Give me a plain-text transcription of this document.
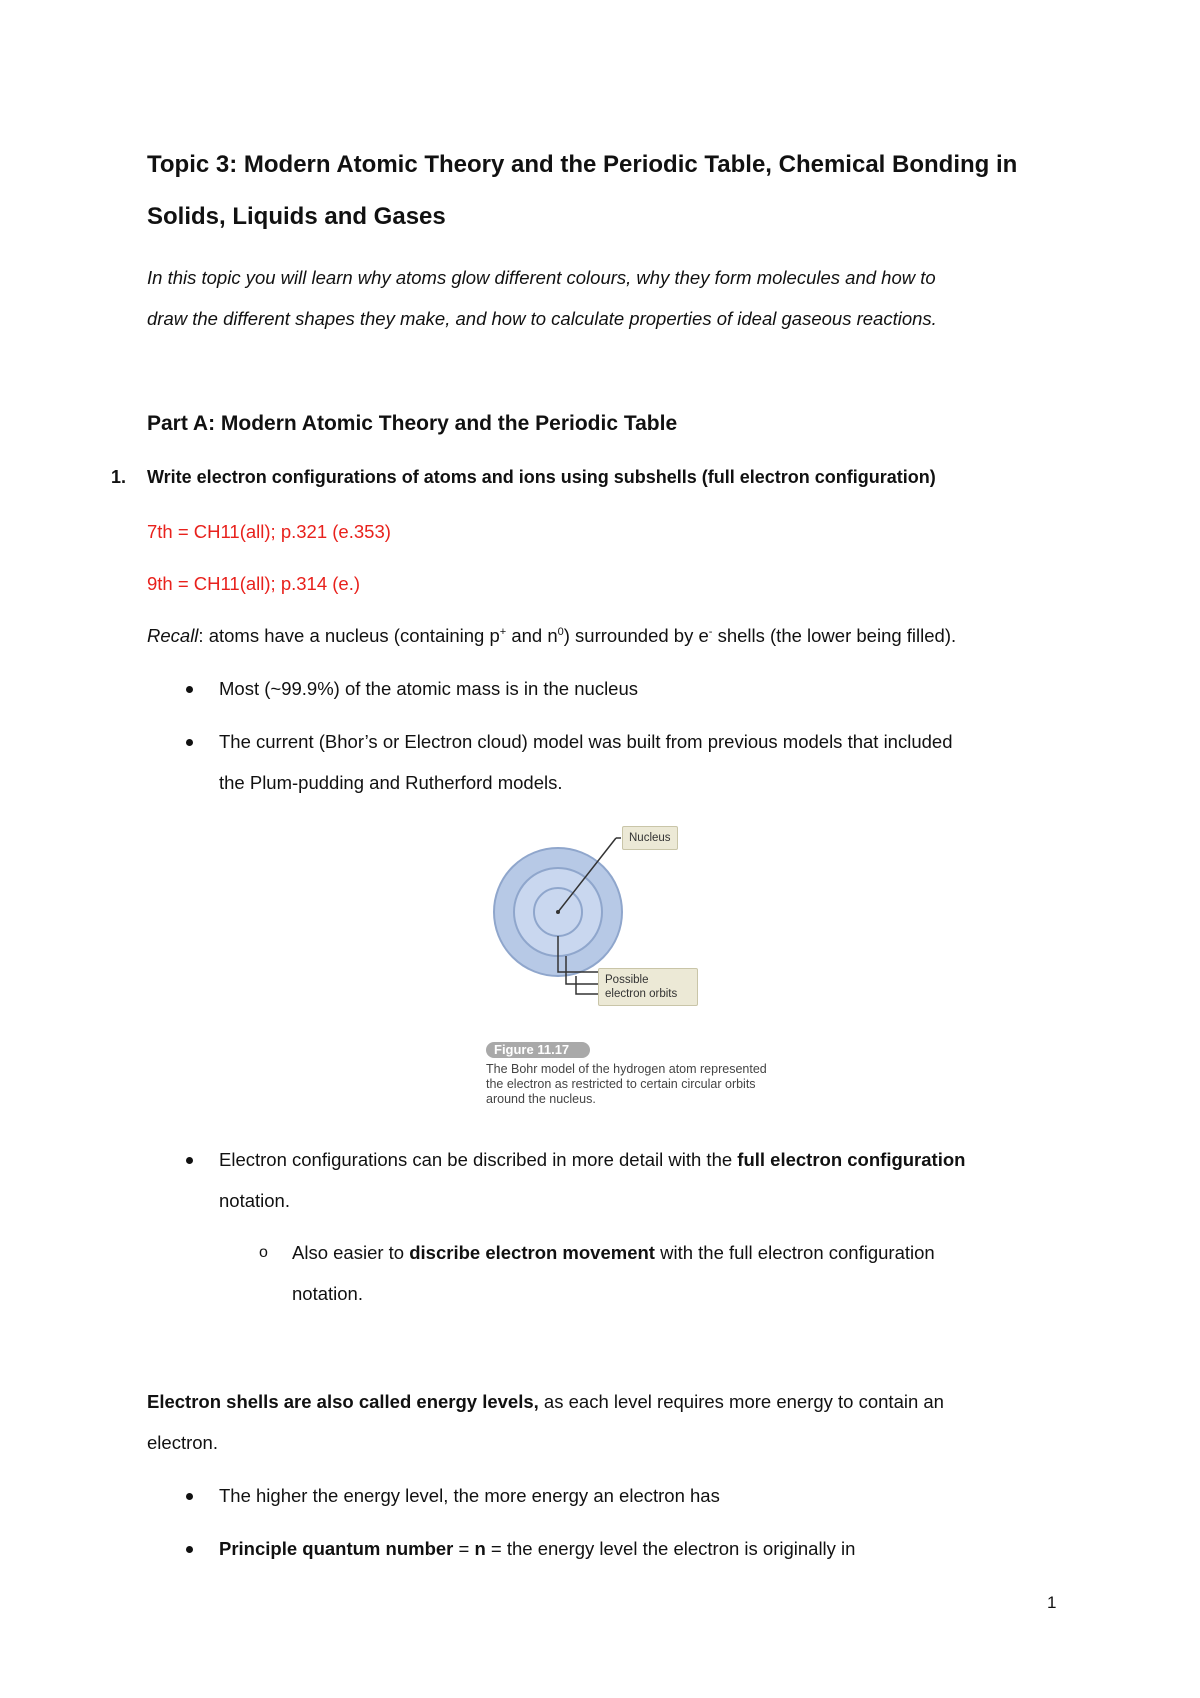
Topic 3: Modern Atomic Theory and the Periodic Table, Chemical Bonding in
Solids, Liquids and Gases
In this topic you will learn why atoms glow different colours, why they form molecules and how to
draw the different shapes they make, and how to calculate properties of ideal gaseous reactions.
Part A: Modern Atomic Theory and the Periodic Table
1. Write electron configurations of atoms and ions using subshells (full electron configuration)
7th = CH11(all); p.321 (e.353)
9th = CH11(all); p.314 (e.)
Recall: atoms have a nucleus (containing p+ and $n^0$) surrounded by e- shells (the lower being filled).
Most (~99.9%) of the atomic mass is in the nucleus
The current (Bhor’s or Electron cloud) model was built from previous models that included
the Plum-pudding and Rutherford models.
Nucleus
Possible
electron orbits
Figure 11.17
The Bohr model of the hydrogen atom represented
the electron as restricted to certain circular orbits
around the nucleus.
Electron configurations can be discribed in more detail with the full electron configuration
notation.
o Also easier to discribe electron movement with the full electron configuration
notation.
Electron shells are also called energy levels, as each level requires more energy to contain an
electron.
The higher the energy level, the more energy an electron has
Principle quantum number = n = the energy level the electron is originally in
1
